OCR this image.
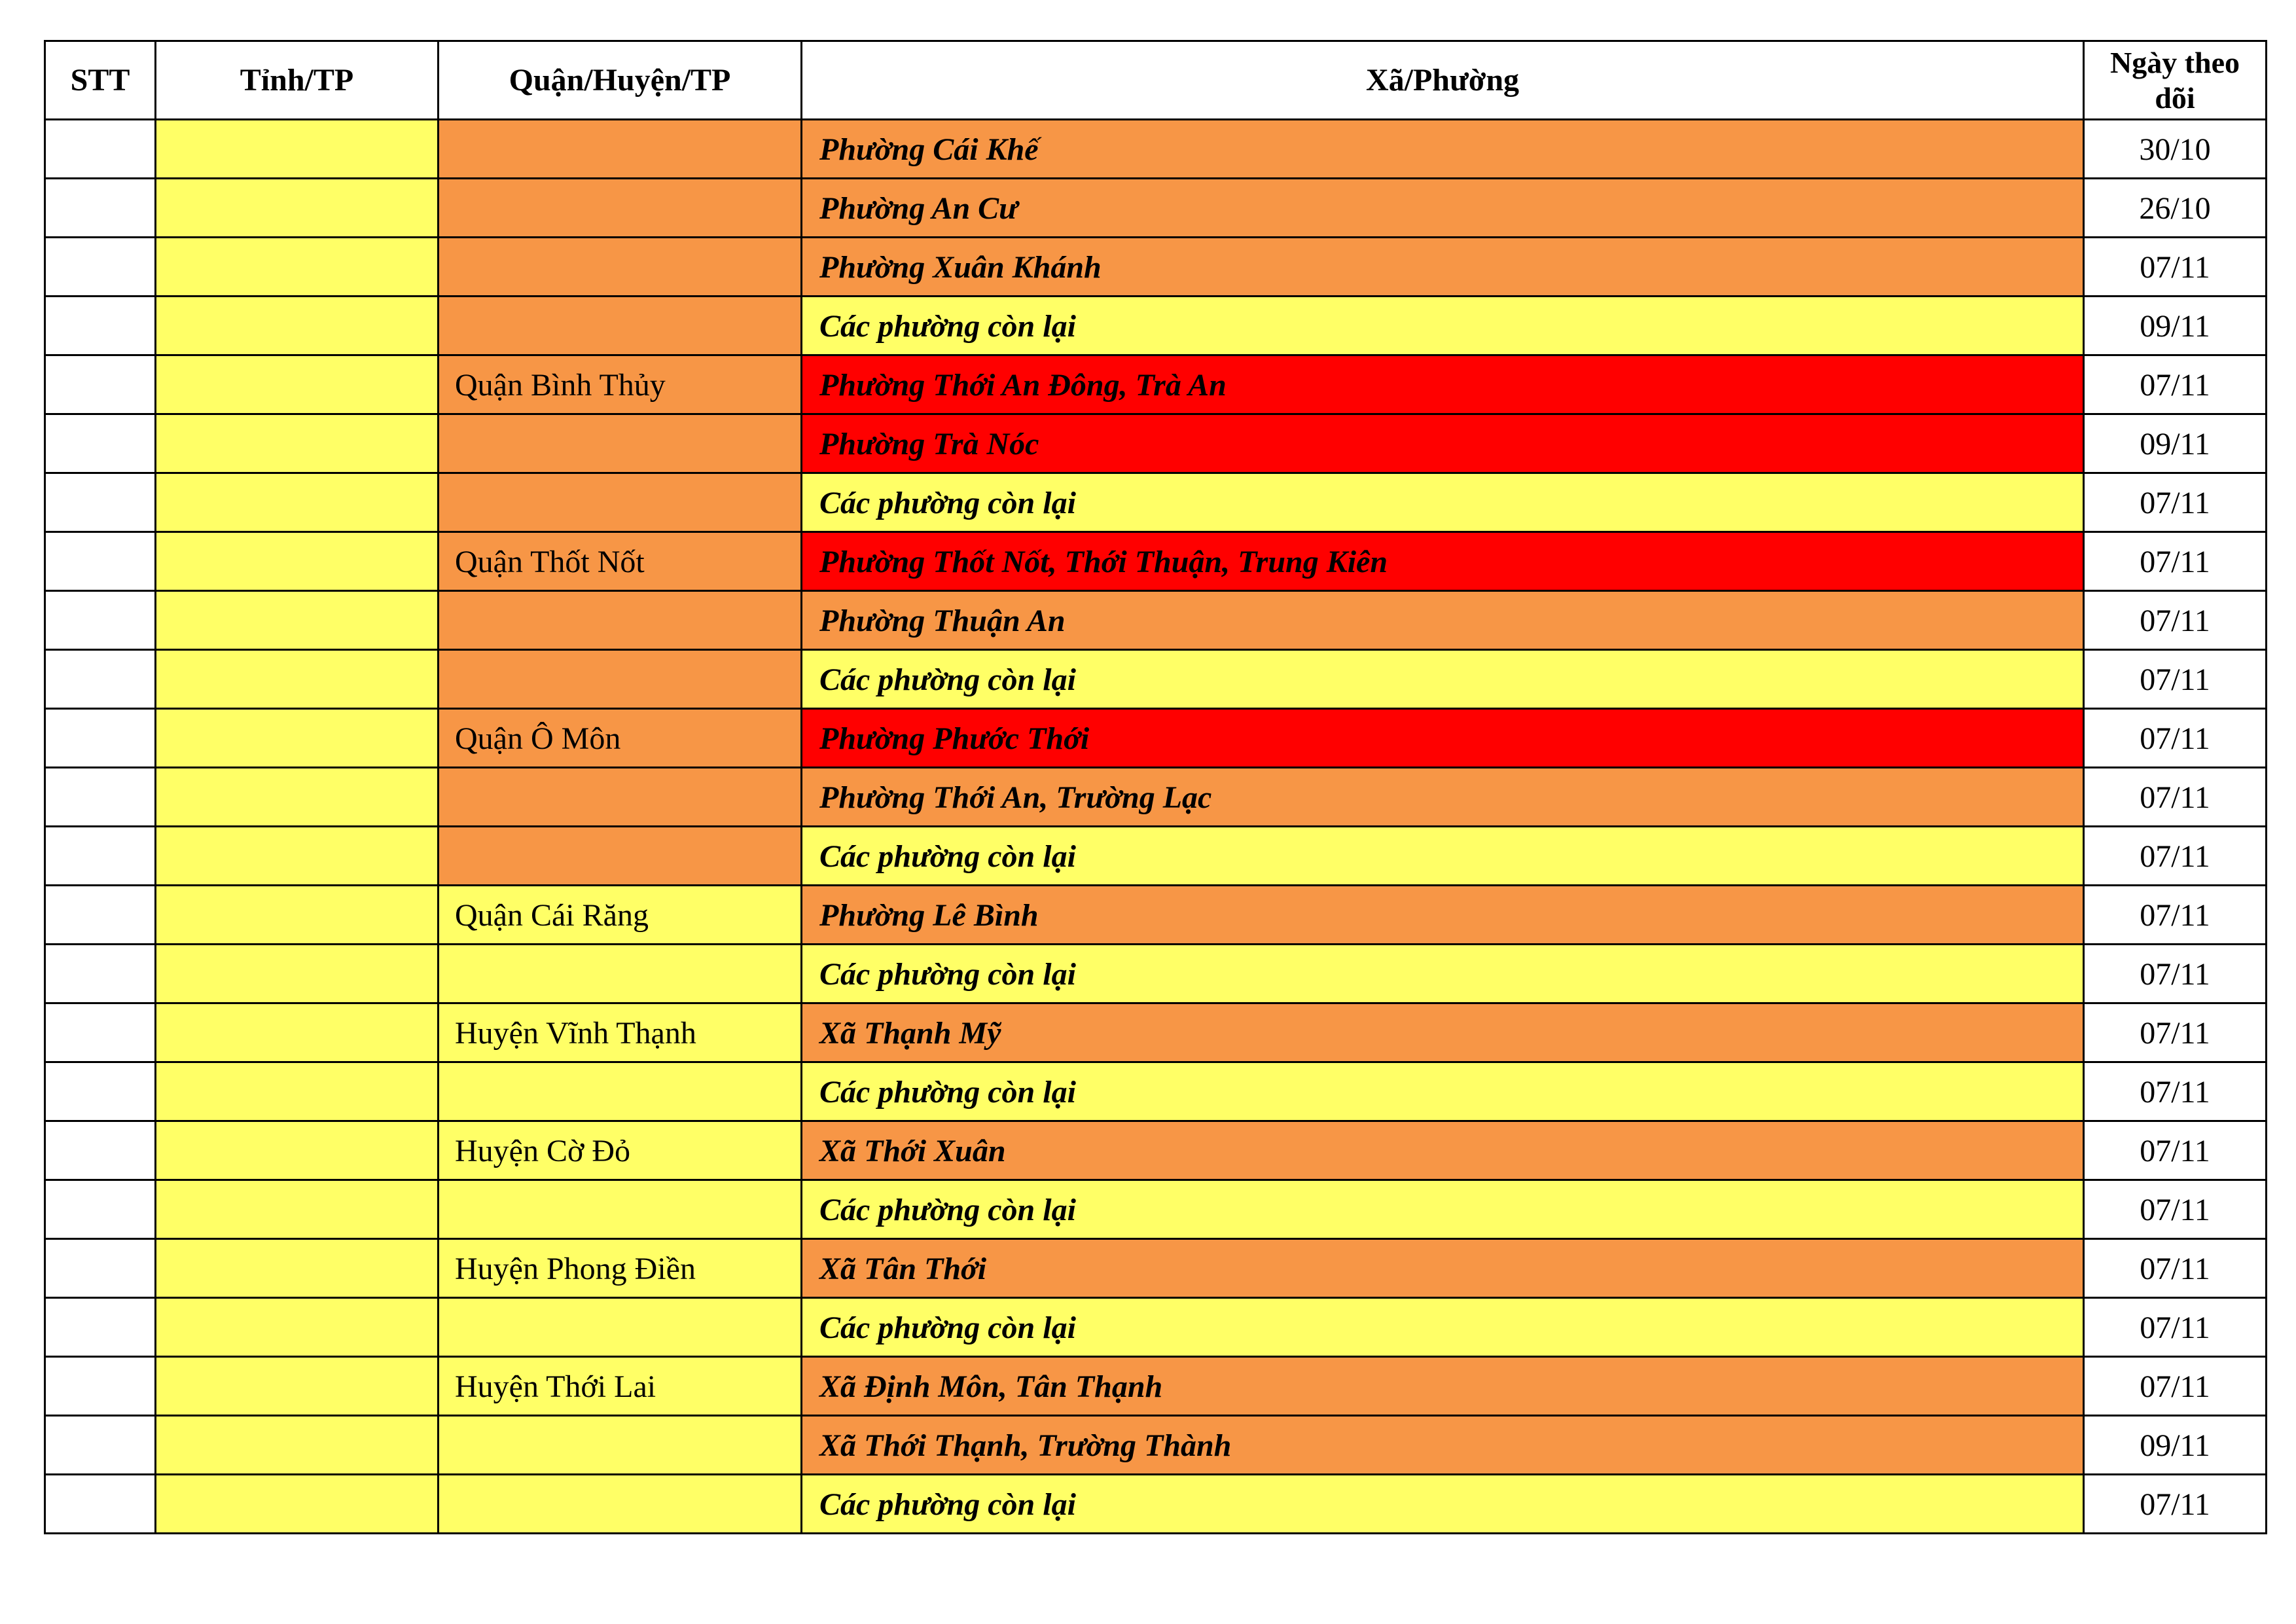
STT	Tỉnh/TP	Quận/Huyện/TP	Xã/Phường	Ngày theo dõi
			Phường Cái Khế	30/10
			Phường An Cư	26/10
			Phường Xuân Khánh	07/11
			Các phường còn lại	09/11
		Quận Bình Thủy	Phường Thới An Đông, Trà An	07/11
			Phường Trà Nóc	09/11
			Các phường còn lại	07/11
		Quận Thốt Nốt	Phường Thốt Nốt, Thới Thuận, Trung Kiên	07/11
			Phường Thuận An	07/11
			Các phường còn lại	07/11
		Quận Ô Môn	Phường Phước Thới	07/11
			Phường Thới An, Trường Lạc	07/11
			Các phường còn lại	07/11
		Quận Cái Răng	Phường Lê Bình	07/11
			Các phường còn lại	07/11
		Huyện Vĩnh Thạnh	Xã Thạnh Mỹ	07/11
			Các phường còn lại	07/11
		Huyện Cờ Đỏ	Xã Thới Xuân	07/11
			Các phường còn lại	07/11
		Huyện Phong Điền	Xã Tân Thới	07/11
			Các phường còn lại	07/11
		Huyện Thới Lai	Xã Định Môn, Tân Thạnh	07/11
			Xã Thới Thạnh, Trường Thành	09/11
			Các phường còn lại	07/11
